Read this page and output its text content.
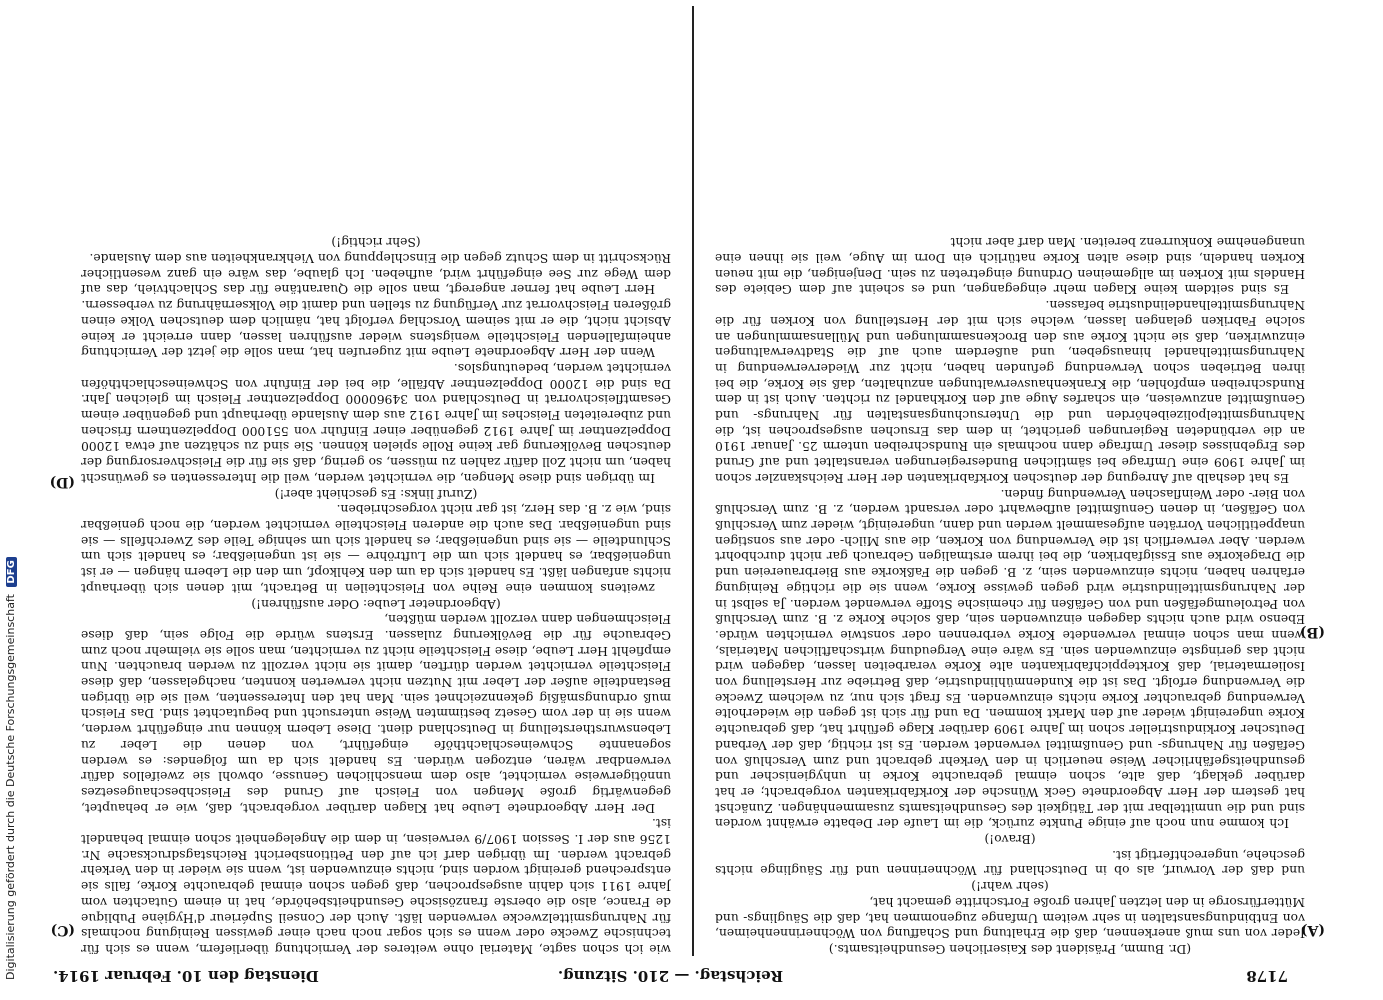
7178
Reichstag. — 210. Sitzung.
Dienstag den 10. Februar 1914.
(A)
(B)
(C)
(D)

(Dr. Bumm, Präsident des Kaiserlichen Gesundheitsamts.)

Jeder von uns muß anerkennen, daß die Erhaltung und Schaffung von Wöchnerinnenheimen, von Entbindungsanstalten in sehr weitem Umfange zugenommen hat, daß die Säuglings- und Mütterfürsorge in den letzten Jahren große Fortschritte gemacht hat,

(sehr wahr!)

und daß der Vorwurf, als ob in Deutschland für Wöchnerinnen und für Säuglinge nichts geschehe, ungerechtfertigt ist.

(Bravo!)

Ich komme nun noch auf einige Punkte zurück, die im Laufe der Debatte erwähnt worden sind und die unmittelbar mit der Tätigkeit des Gesundheitsamts zusammenhängen. Zunächst hat gestern der Herr Abgeordnete Geck Wünsche der Korkfabrikanten vorgebracht; er hat darüber geklagt, daß alte, schon einmal gebrauchte Korke in unhygienischer und gesundheitsgefährlicher Weise neuerlich in den Verkehr gebracht und zum Verschluß von Gefäßen für Nahrungs- und Genußmittel verwendet werden. Es ist richtig, daß der Verband Deutscher Korkindustrieller schon im Jahre 1909 darüber Klage geführt hat, daß gebrauchte Korke ungereinigt wieder auf den Markt kommen. Da und für sich ist gegen die wiederholte Verwendung gebrauchter Korke nichts einzuwenden. Es fragt sich nur, zu welchem Zwecke die Verwendung erfolgt. Das ist die Kundenmühlindustrie, daß Betriebe zur Herstellung von Isoliermaterial, daß Korkteppichfabrikanten alte Korke verarbeiten lassen, dagegen wird nicht das geringste einzuwenden sein. Es wäre eine Vergeudung wirtschaftlichen Materials, wenn man schon einmal verwendete Korke verbrennen oder sonstwie vernichten würde. Ebenso wird auch nichts dagegen einzuwenden sein, daß solche Korke z. B. zum Verschluß von Petroleumgefäßen und von Gefäßen für chemische Stoffe verwendet werden. Ja selbst in der Nahrungsmittelindustrie wird gegen gewisse Korke, wenn sie die richtige Reinigung erfahren haben, nichts einzuwenden sein, z. B. gegen die Faßkorke aus Bierbrauereien und die Dragekorke aus Essigfabriken, die bei ihrem erstmaligen Gebrauch gar nicht durchbohrt werden. Aber verwerflich ist die Verwendung von Korken, die aus Milch- oder aus sonstigen unappetitlichen Vorräten aufgesammelt werden und dann, ungereinigt, wieder zum Verschluß von Gefäßen, in denen Genußmittel aufbewahrt oder versandt werden, z. B. zum Verschluß von Bier- oder Weinflaschen Verwendung finden.

Es hat deshalb auf Anregung der deutschen Korkfabrikanten der Herr Reichskanzler schon im Jahre 1909 eine Umfrage bei sämtlichen Bundesregierungen veranstaltet und auf Grund des Ergebnisses dieser Umfrage dann nochmals ein Rundschreiben unterm 25. Januar 1910 an die verbündeten Regierungen gerichtet, in dem das Ersuchen ausgesprochen ist, die Nahrungsmittelpolizeibehörden und die Untersuchungsanstalten für Nahrungs- und Genußmittel anzuweisen, ein scharfes Auge auf den Korkhandel zu richten. Auch ist in dem Rundschreiben empfohlen, die Krankenhausverwaltungen anzuhalten, daß sie Korke, die bei ihren Betrieben schon Verwendung gefunden haben, nicht zur Wiederverwendung in Nahrungsmittelhandel hinausgeben, und außerdem auch auf die Stadtverwaltungen einzuwirken, daß sie nicht Korke aus den Brockensammlungen und Müllansammlungen an solche Fabriken gelangen lassen, welche sich mit der Herstellung von Korken für die Nahrungsmittelhandelindustrie befassen.

Es sind seitdem keine Klagen mehr eingegangen, und es scheint auf dem Gebiete des Handels mit Korken im allgemeinen Ordnung eingetreten zu sein. Denjenigen, die mit neuen Korken handeln, sind diese alten Korke natürlich ein Dorn im Auge, weil sie ihnen eine unangenehme Konkurrenz bereiten. Man darf aber nicht

wie ich schon sagte, Material ohne weiteres der Vernichtung überliefern, wenn es sich für technische Zwecke oder wenn es sich sogar noch nach einer gewissen Reinigung nochmals für Nahrungsmittelzwecke verwenden läßt. Auch der Conseil Supérieur d'Hygiène Publique de France, also die oberste französische Gesundheitsbehörde, hat in einem Gutachten vom Jahre 1911 sich dahin ausgesprochen, daß gegen schon einmal gebrauchte Korke, falls sie entsprechend gereinigt worden sind, nichts einzuwenden ist, wenn sie wieder in den Verkehr gebracht werden. Im übrigen darf ich auf den Petitionsbericht Reichstagsdrucksache Nr. 1256 aus der I. Session 1907/9 verweisen, in dem die Angelegenheit schon einmal behandelt ist.

Der Herr Abgeordnete Leube hat Klagen darüber vorgebracht, daß, wie er behauptet, gegenwärtig große Mengen von Fleisch auf Grund des Fleischbeschaugesetzes unnötigerweise vernichtet, also dem menschlichen Genusse, obwohl sie zweifellos dafür verwendbar wären, entzogen würden. Es handelt sich da um folgendes: es werden sogenannte Schweineschlachthöfe eingeführt, von denen die Leber zu Lebenswurstherstellung in Deutschland dient. Diese Lebern können nur eingeführt werden, wenn sie in der vom Gesetz bestimmten Weise untersucht und begutachtet sind. Das Fleisch muß ordnungsmäßig gekennzeichnet sein. Man hat den Interessenten, weil sie die übrigen Bestandteile außer der Leber mit Nutzen nicht verwerten konnten, nachgelassen, daß diese Fleischteile vernichtet werden dürften, damit sie nicht verzollt zu werden brauchten. Nun empfiehlt Herr Leube, diese Fleischteile nicht zu vernichten, man solle sie vielmehr noch zum Gebrauche für die Bevölkerung zulassen. Erstens würde die Folge sein, daß diese Fleischmengen dann verzollt werden müßten,

(Abgeordneter Leube: Oder ausführen!)

zweitens kommen eine Reihe von Fleischteilen in Betracht, mit denen sich überhaupt nichts anfangen läßt. Es handelt sich da um den Kehlkopf, um den die Lebern hängen — er ist ungenießbar, es handelt sich um die Luftröhre — sie ist ungenießbar; es handelt sich um Schlundteile — sie sind ungenießbar; es handelt sich um sehnige Teile des Zwerchfells — sie sind ungenießbar. Das auch die anderen Fleischteile vernichtet werden, die noch genießbar sind, wie z. B. das Herz, ist gar nicht vorgeschrieben.

(Zuruf links: Es geschieht aber!)

Im übrigen sind diese Mengen, die vernichtet werden, weil die Interessenten es gewünscht haben, um nicht Zoll dafür zahlen zu müssen, so gering, daß sie für die Fleischversorgung der deutschen Bevölkerung gar keine Rolle spielen können. Sie sind zu schätzen auf etwa 12000 Doppelzentner im Jahre 1912 gegenüber einer Einfuhr von 551000 Doppelzentnern frischen und zubereiteten Fleisches im Jahre 1912 aus dem Auslande überhaupt und gegenüber einem Gesamtfleischvorrat in Deutschland von 34960000 Doppelzentner Fleisch im gleichen Jahr. Da sind die 12000 Doppelzentner Abfälle, die bei der Einfuhr von Schweineschlachthöfen vernichtet werden, bedeutungslos.

Wenn der Herr Abgeordnete Leube mit zugerufen hat, man solle die jetzt der Vernichtung anheimfallenden Fleischteile wenigstens wieder ausführen lassen, dann erreicht er keine Absicht nicht, die er mit seinem Vorschlag verfolgt hat, nämlich dem deutschen Volke einen größeren Fleischvorrat zur Verfügung zu stellen und damit die Volksernährung zu verbessern.

Herr Leube hat ferner angeregt, man solle die Quarantäne für das Schlachtvieh, das auf dem Wege zur See eingeführt wird, aufheben. Ich glaube, das wäre ein ganz wesentlicher Rückschritt in dem Schutz gegen die Einschleppung von Viehkrankheiten aus dem Auslande.

(Sehr richtig!)

Digitalisierung gefördert durch die Deutsche Forschungsgemeinschaft DFG
